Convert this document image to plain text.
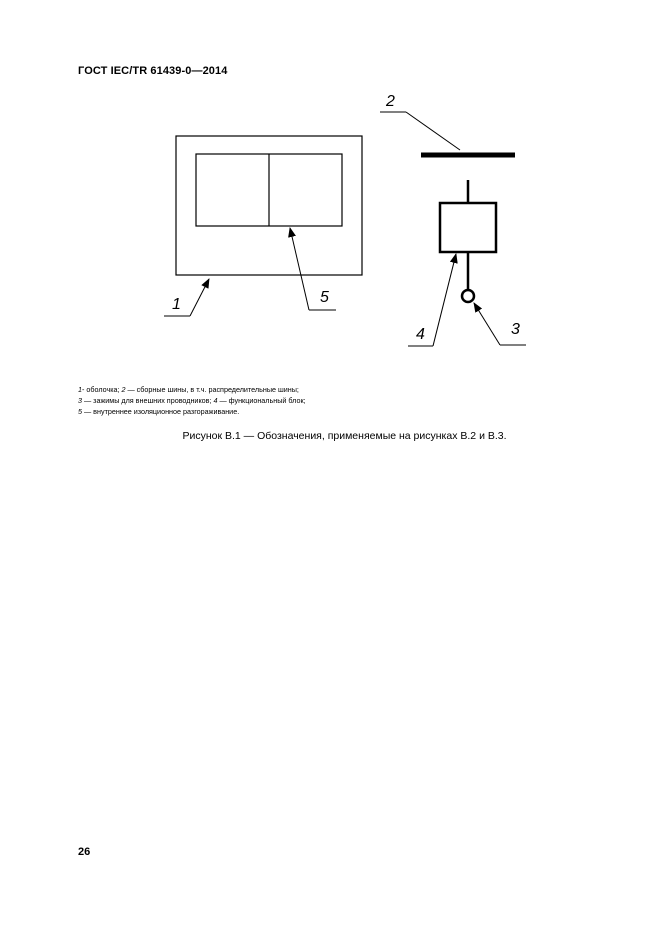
ГОСТ IEC/TR 61439-0—2014
1	5
2
4	3
1- оболочка; 2 — сборные шины, в т.ч. распределительные шины;
3 — зажимы для внешних проводников; 4 — функциональный блок;
5 — внутреннее изоляционное разгораживание.
Рисунок В.1 — Обозначения, применяемые на рисунках В.2 и В.3.
26
